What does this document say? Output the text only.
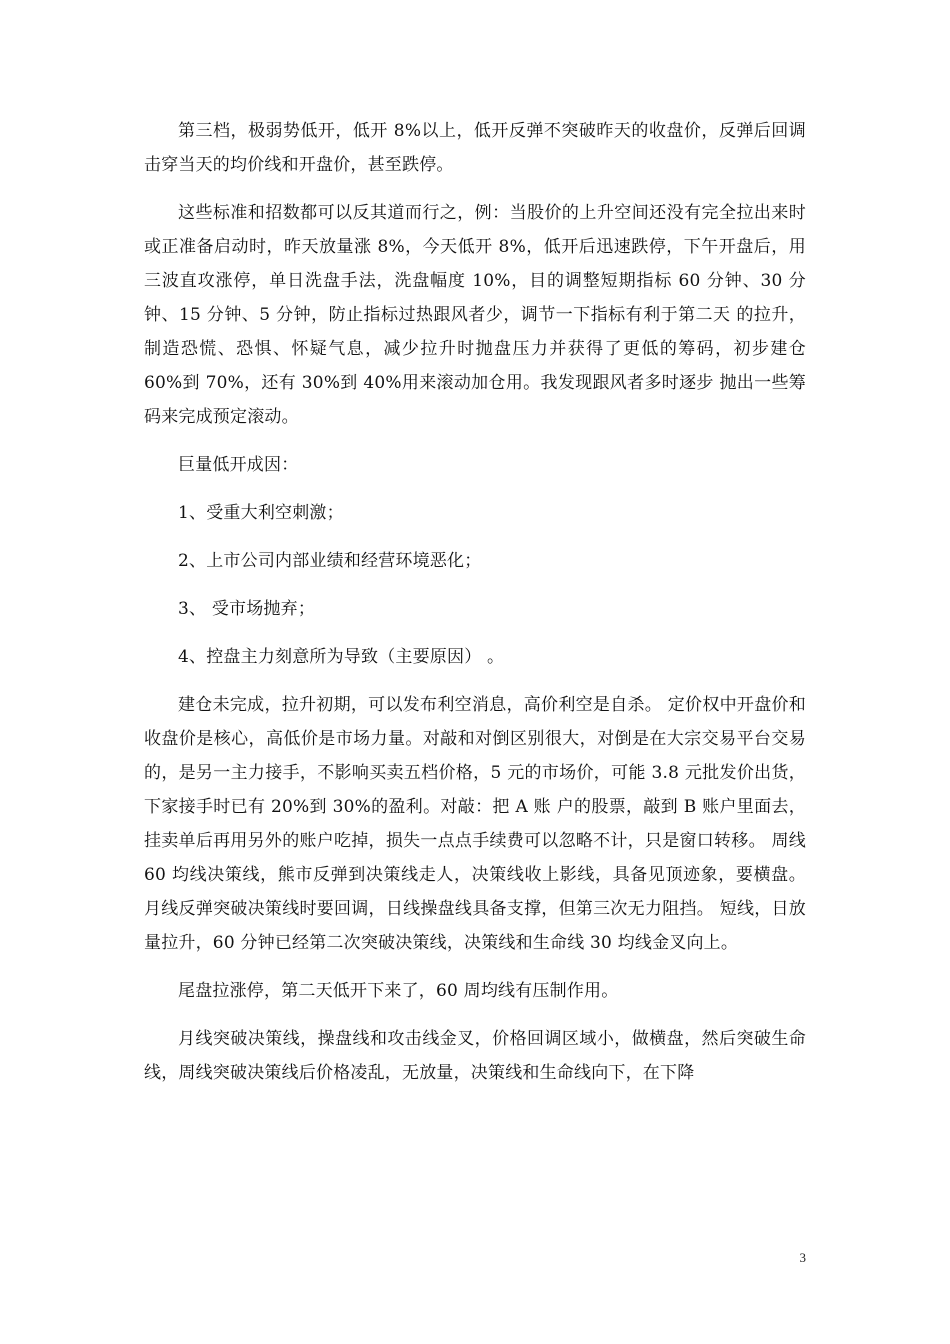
第三档，极弱势低开，低开 8%以上，低开反弹不突破昨天的收盘价，反弹后回调击穿当天的均价线和开盘价，甚至跌停。

这些标准和招数都可以反其道而行之，例：当股价的上升空间还没有完全拉出来时或正准备启动时，昨天放量涨 8%，今天低开 8%，低开后迅速跌停，下午开盘后，用三波直攻涨停，单日洗盘手法，洗盘幅度 10%，目的调整短期指标 60 分钟、30 分钟、15 分钟、5 分钟，防止指标过热跟风者少，调节一下指标有利于第二天 的拉升，制造恐慌、恐惧、怀疑气息，减少拉升时抛盘压力并获得了更低的筹码，初步建仓 60%到 70%，还有 30%到 40%用来滚动加仓用。我发现跟风者多时逐步 抛出一些筹码来完成预定滚动。

巨量低开成因：

1、受重大利空刺激；

2、上市公司内部业绩和经营环境恶化；

3、 受市场抛弃；

4、控盘主力刻意所为导致（主要原因） 。

建仓未完成，拉升初期，可以发布利空消息，高价利空是自杀。 定价权中开盘价和收盘价是核心，高低价是市场力量。对敲和对倒区别很大，对倒是在大宗交易平台交易的，是另一主力接手，不影响买卖五档价格，5 元的市场价，可能 3.8 元批发价出货，下家接手时已有 20%到 30%的盈利。对敲：把 A 账 户的股票，敲到 B 账户里面去，挂卖单后再用另外的账户吃掉，损失一点点手续费可以忽略不计，只是窗口转移。 周线 60 均线决策线，熊市反弹到决策线走人，决策线收上影线，具备见顶迹象，要横盘。月线反弹突破决策线时要回调，日线操盘线具备支撑，但第三次无力阻挡。 短线，日放量拉升，60 分钟已经第二次突破决策线，决策线和生命线 30 均线金叉向上。

尾盘拉涨停，第二天低开下来了，60 周均线有压制作用。

月线突破决策线，操盘线和攻击线金叉，价格回调区域小，做横盘，然后突破生命线，周线突破决策线后价格凌乱，无放量，决策线和生命线向下，在下降

3
